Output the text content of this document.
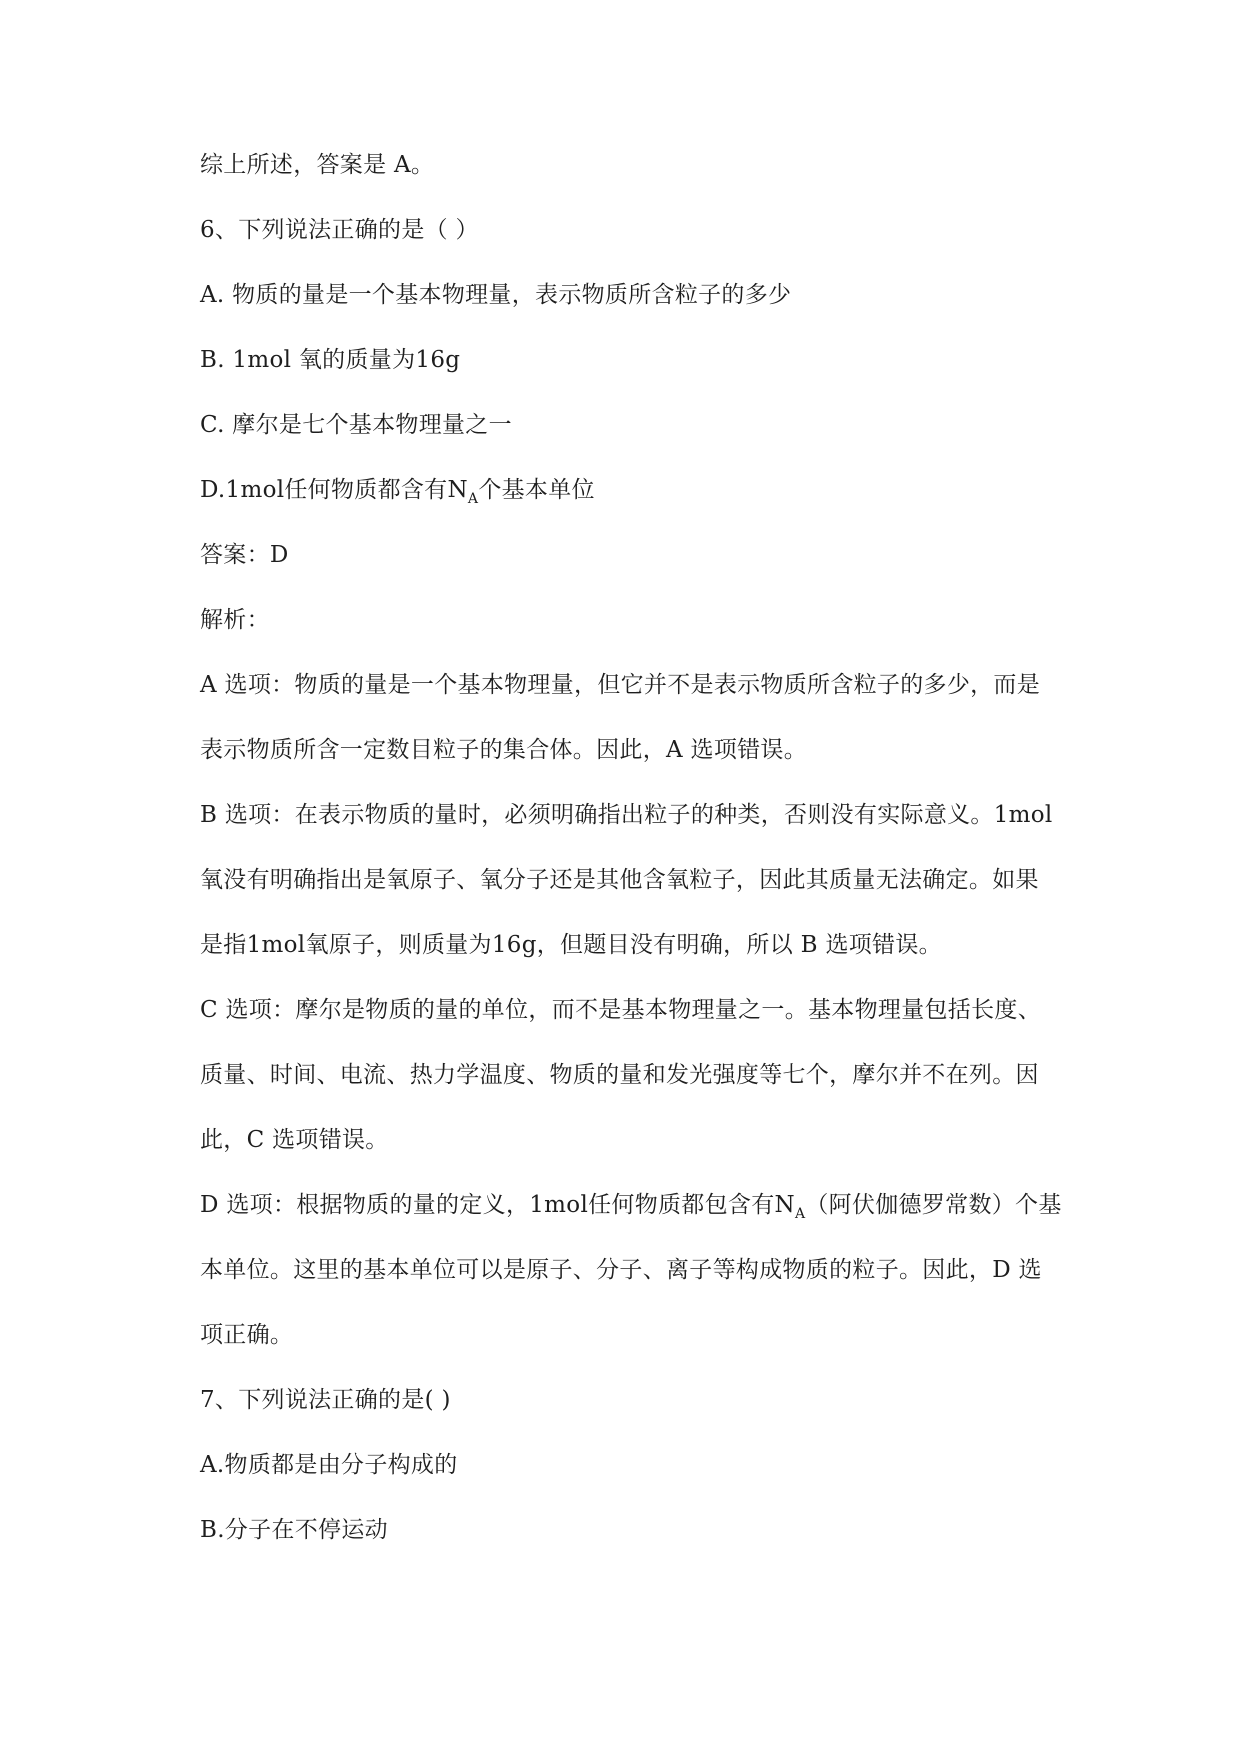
综上所述，答案是 A。
6、下列说法正确的是（ ）
A. 物质的量是一个基本物理量，表示物质所含粒子的多少
B. 1mol 氧的质量为16g
C. 摩尔是七个基本物理量之一
D.1mol任何物质都含有$N_A$个基本单位
答案：D
解析：
A 选项：物质的量是一个基本物理量，但它并不是表示物质所含粒子的多少，而是
表示物质所含一定数目粒子的集合体。因此，A 选项错误。
B 选项：在表示物质的量时，必须明确指出粒子的种类，否则没有实际意义。1mol
氧没有明确指出是氧原子、氧分子还是其他含氧粒子，因此其质量无法确定。如果
是指1mol氧原子，则质量为16g，但题目没有明确，所以 B 选项错误。
C 选项：摩尔是物质的量的单位，而不是基本物理量之一。基本物理量包括长度、
质量、时间、电流、热力学温度、物质的量和发光强度等七个，摩尔并不在列。因
此，C 选项错误。
D 选项：根据物质的量的定义，1mol任何物质都包含有$N_A$（阿伏伽德罗常数）个基
本单位。这里的基本单位可以是原子、分子、离子等构成物质的粒子。因此，D 选
项正确。
7、下列说法正确的是( )
A.物质都是由分子构成的
B.分子在不停运动
